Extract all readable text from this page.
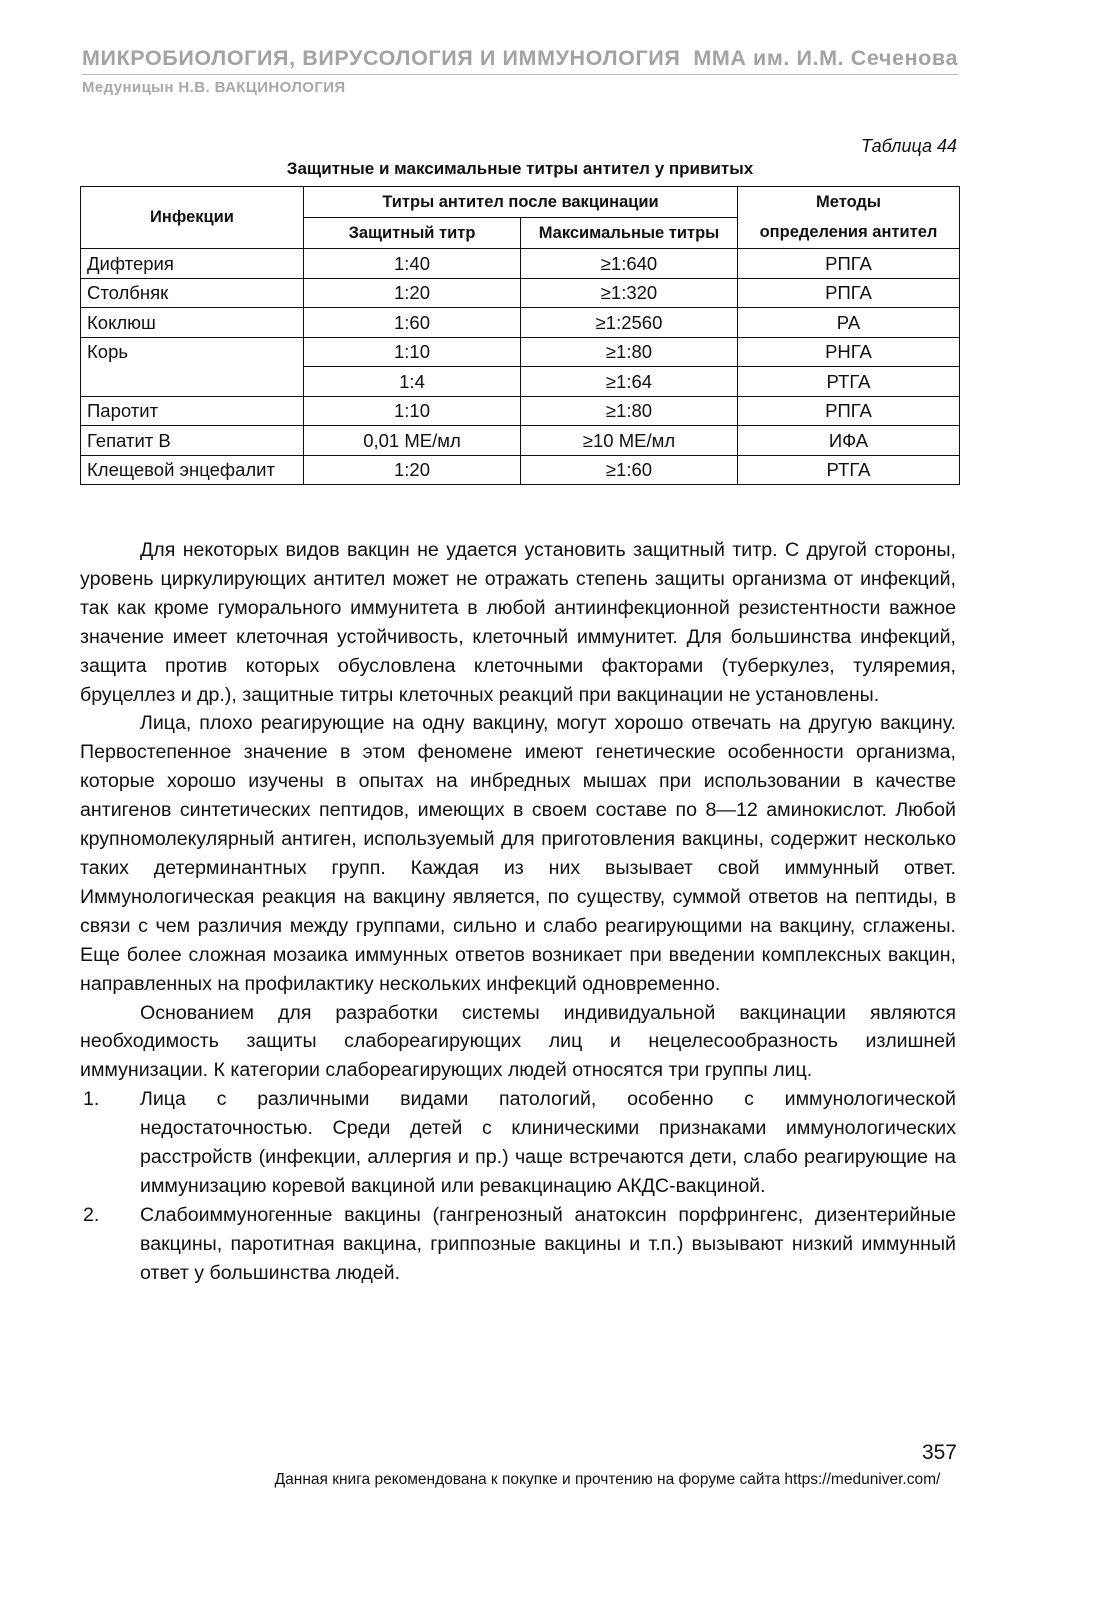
МИКРОБИОЛОГИЯ, ВИРУСОЛОГИЯ И ИММУНОЛОГИЯ ММА им. И.М. Сеченова
Медуницын Н.В. ВАКЦИНОЛОГИЯ
Таблица 44
Защитные и максимальные титры антител у привитых
Инфекции	Титры антител после вакцинации		Методы
	Защитный титр	Максимальные титры	определения антител
Дифтерия	1:40	≥1:640	РПГА
Столбняк	1:20	≥1:320	РПГА
Коклюш	1:60	≥1:2560	РА
Корь	1:10	≥1:80	РНГА
	1:4	≥1:64	РТГА
Паротит	1:10	≥1:80	РПГА
Гепатит В	0,01 МЕ/мл	≥10 МЕ/мл	ИФА
Клещевой энцефалит	1:20	≥1:60	РТГА

Для некоторых видов вакцин не удается установить защитный титр. С другой стороны, уровень циркулирующих антител может не отражать степень защиты организма от инфекций, так как кроме гуморального иммунитета в любой антиинфекционной резистентности важное значение имеет клеточная устойчивость, клеточный иммунитет. Для большинства инфекций, защита против которых обусловлена клеточными факторами (туберкулез, туляремия, бруцеллез и др.), защитные титры клеточных реакций при вакцинации не установлены.

Лица, плохо реагирующие на одну вакцину, могут хорошо отвечать на другую вакцину. Первостепенное значение в этом феномене имеют генетические особенности организма, которые хорошо изучены в опытах на инбредных мышах при использовании в качестве антигенов синтетических пептидов, имеющих в своем составе по 8—12 аминокислот. Любой крупномолекулярный антиген, используемый для приготовления вакцины, содержит несколько таких детерминантных групп. Каждая из них вызывает свой иммунный ответ. Иммунологическая реакция на вакцину является, по существу, суммой ответов на пептиды, в связи с чем различия между группами, сильно и слабо реагирующими на вакцину, сглажены. Еще более сложная мозаика иммунных ответов возникает при введении комплексных вакцин, направленных на профилактику нескольких инфекций одновременно.

Основанием для разработки системы индивидуальной вакцинации являются необходимость защиты слабореагирующих лиц и нецелесообразность излишней иммунизации. К категории слабореагирующих людей относятся три группы лиц.

1. Лица с различными видами патологий, особенно с иммунологической недостаточностью. Среди детей с клиническими признаками иммунологических расстройств (инфекции, аллергия и пр.) чаще встречаются дети, слабо реагирующие на иммунизацию коревой вакциной или ревакцинацию АКДС-вакциной.
2. Слабоиммуногенные вакцины (гангренозный анатоксин порфрингенс, дизентерийные вакцины, паротитная вакцина, гриппозные вакцины и т.п.) вызывают низкий иммунный ответ у большинства людей.
357
Данная книга рекомендована к покупке и прочтению на форуме сайта https://meduniver.com/
